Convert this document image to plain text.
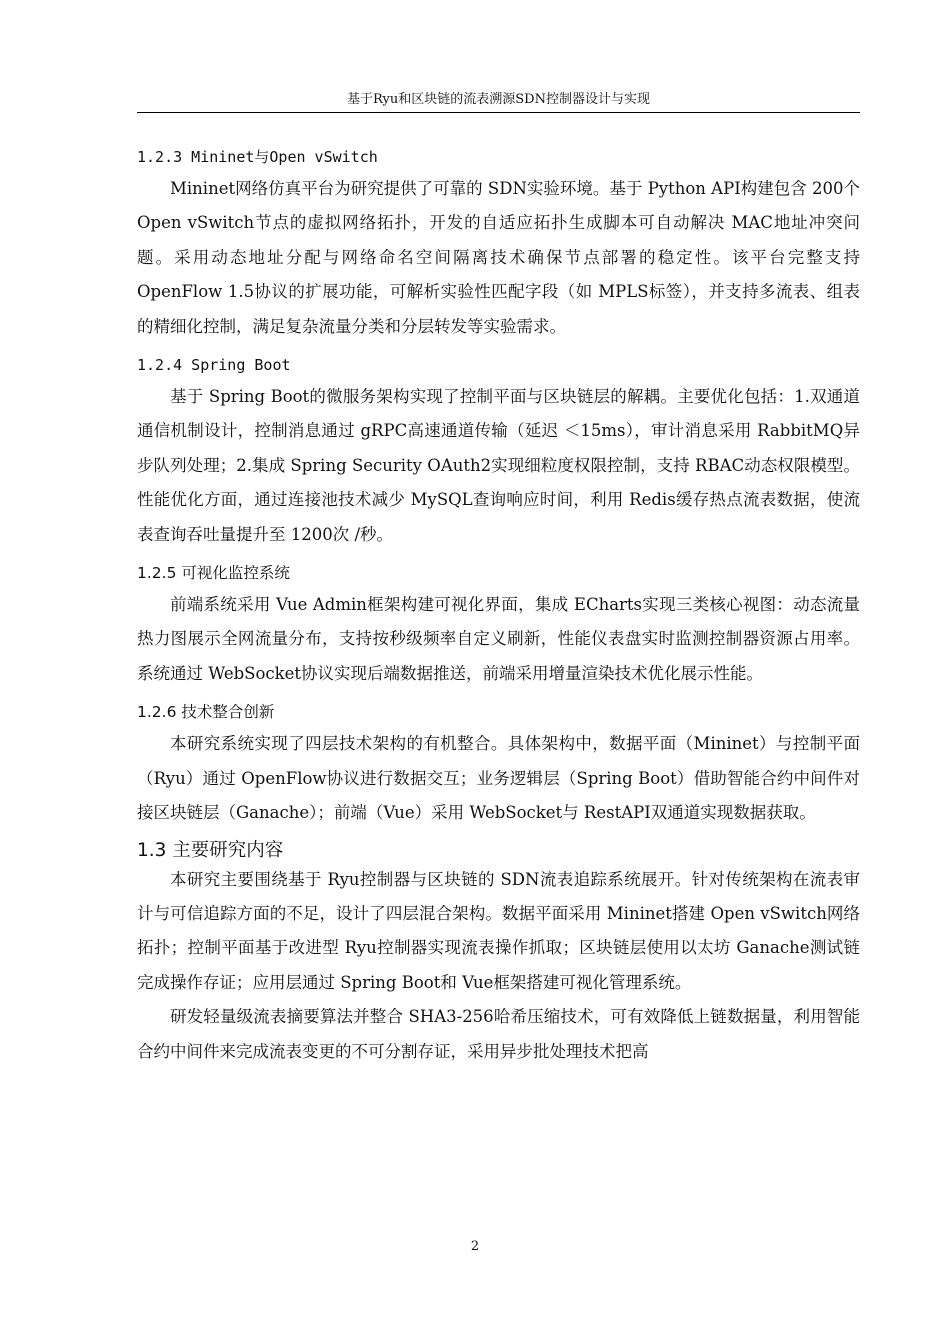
基于Ryu和区块链的流表溯源SDN控制器设计与实现
1.2.3 Mininet与Open vSwitch

Mininet网络仿真平台为研究提供了可靠的 SDN实验环境。基于 Python API构建包含 200个 Open vSwitch节点的虚拟网络拓扑，开发的自适应拓扑生成脚本可自动解决 MAC地址冲突问题。采用动态地址分配与网络命名空间隔离技术确保节点部署的稳定性。该平台完整支持 OpenFlow 1.5协议的扩展功能，可解析实验性匹配字段（如 MPLS标签），并支持多流表、组表的精细化控制，满足复杂流量分类和分层转发等实验需求。

1.2.4 Spring Boot

基于 Spring Boot的微服务架构实现了控制平面与区块链层的解耦。主要优化包括：1.双通道通信机制设计，控制消息通过 gRPC高速通道传输（延迟 ＜15ms），审计消息采用 RabbitMQ异步队列处理；2.集成 Spring Security OAuth2实现细粒度权限控制，支持 RBAC动态权限模型。性能优化方面，通过连接池技术减少 MySQL查询响应时间，利用 Redis缓存热点流表数据，使流表查询吞吐量提升至 1200次 /秒。

1.2.5 可视化监控系统

前端系统采用 Vue Admin框架构建可视化界面，集成 ECharts实现三类核心视图：动态流量热力图展示全网流量分布，支持按秒级频率自定义刷新，性能仪表盘实时监测控制器资源占用率。系统通过 WebSocket协议实现后端数据推送，前端采用增量渲染技术优化展示性能。

1.2.6 技术整合创新

本研究系统实现了四层技术架构的有机整合。具体架构中，数据平面（Mininet）与控制平面（Ryu）通过 OpenFlow协议进行数据交互；业务逻辑层（Spring Boot）借助智能合约中间件对接区块链层（Ganache）；前端（Vue）采用 WebSocket与 RestAPI双通道实现数据获取。

1.3 主要研究内容

本研究主要围绕基于 Ryu控制器与区块链的 SDN流表追踪系统展开。针对传统架构在流表审计与可信追踪方面的不足，设计了四层混合架构。数据平面采用 Mininet搭建 Open vSwitch网络拓扑；控制平面基于改进型 Ryu控制器实现流表操作抓取；区块链层使用以太坊 Ganache测试链完成操作存证；应用层通过 Spring Boot和 Vue框架搭建可视化管理系统。

研发轻量级流表摘要算法并整合 SHA3-256哈希压缩技术，可有效降低上链数据量，利用智能合约中间件来完成流表变更的不可分割存证，采用异步批处理技术把高

2
